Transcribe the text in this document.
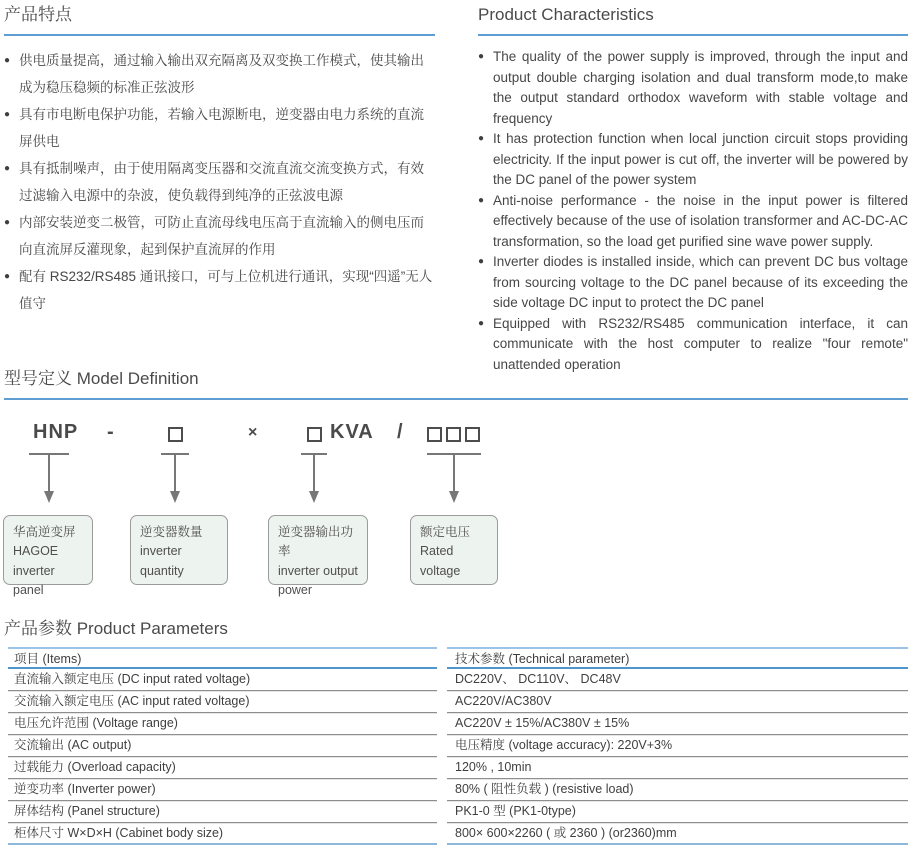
产品特点
● 供电质量提高，通过输入输出双充隔离及双变换工作模式，使其输出成为稳压稳频的标准正弦波形
● 具有市电断电保护功能，若输入电源断电，逆变器由电力系统的直流屏供电
● 具有抵制噪声，由于使用隔离变压器和交流直流交流变换方式，有效过滤输入电源中的杂波，使负载得到纯净的正弦波电源
● 内部安装逆变二极管，可防止直流母线电压高于直流输入的侧电压而向直流屏反灌现象，起到保护直流屏的作用
● 配有 RS232/RS485 通讯接口，可与上位机进行通讯，实现“四遥”无人值守
Product Characteristics
● The quality of the power supply is improved, through the input and output double charging isolation and dual transform mode,to make the output standard orthodox waveform with stable voltage and frequency
● It has protection function when local junction circuit stops providing electricity. If the input power is cut off, the inverter will be powered by the DC panel of the power system
● Anti-noise performance - the noise in the input power is filtered effectively because of the use of isolation transformer and AC-DC-AC transformation, so the load get purified sine wave power supply.
● Inverter diodes is installed inside, which can prevent DC bus voltage from sourcing voltage to the DC panel because of its exceeding the side voltage DC input to protect the DC panel
● Equipped with RS232/RS485 communication interface, it can communicate with the host computer to realize "four remote" unattended operation
型号定义 Model Definition
HNP -	×	KVA /
华高逆变屏
HAGOE inverter panel
逆变器数量
inverter quantity
逆变器输出功率
inverter output power
额定电压
Rated voltage
产品参数 Product Parameters
项目 (Items)	技术参数 (Technical parameter)
直流输入额定电压 (DC input rated voltage)	DC220V、 DC110V、 DC48V
交流输入额定电压 (AC input rated voltage)	AC220V/AC380V
电压允许范围 (Voltage range)	AC220V ± 15%/AC380V ± 15%
交流输出 (AC output)	电压精度 (voltage accuracy): 220V+3%
过载能力 (Overload capacity)	120% , 10min
逆变功率 (Inverter power)	80% ( 阻性负载 ) (resistive load)
屏体结构 (Panel structure)	PK1-0 型 (PK1-0type)
柜体尺寸 W×D×H (Cabinet body size)	800× 600×2260 ( 或 2360 ) (or2360)mm
